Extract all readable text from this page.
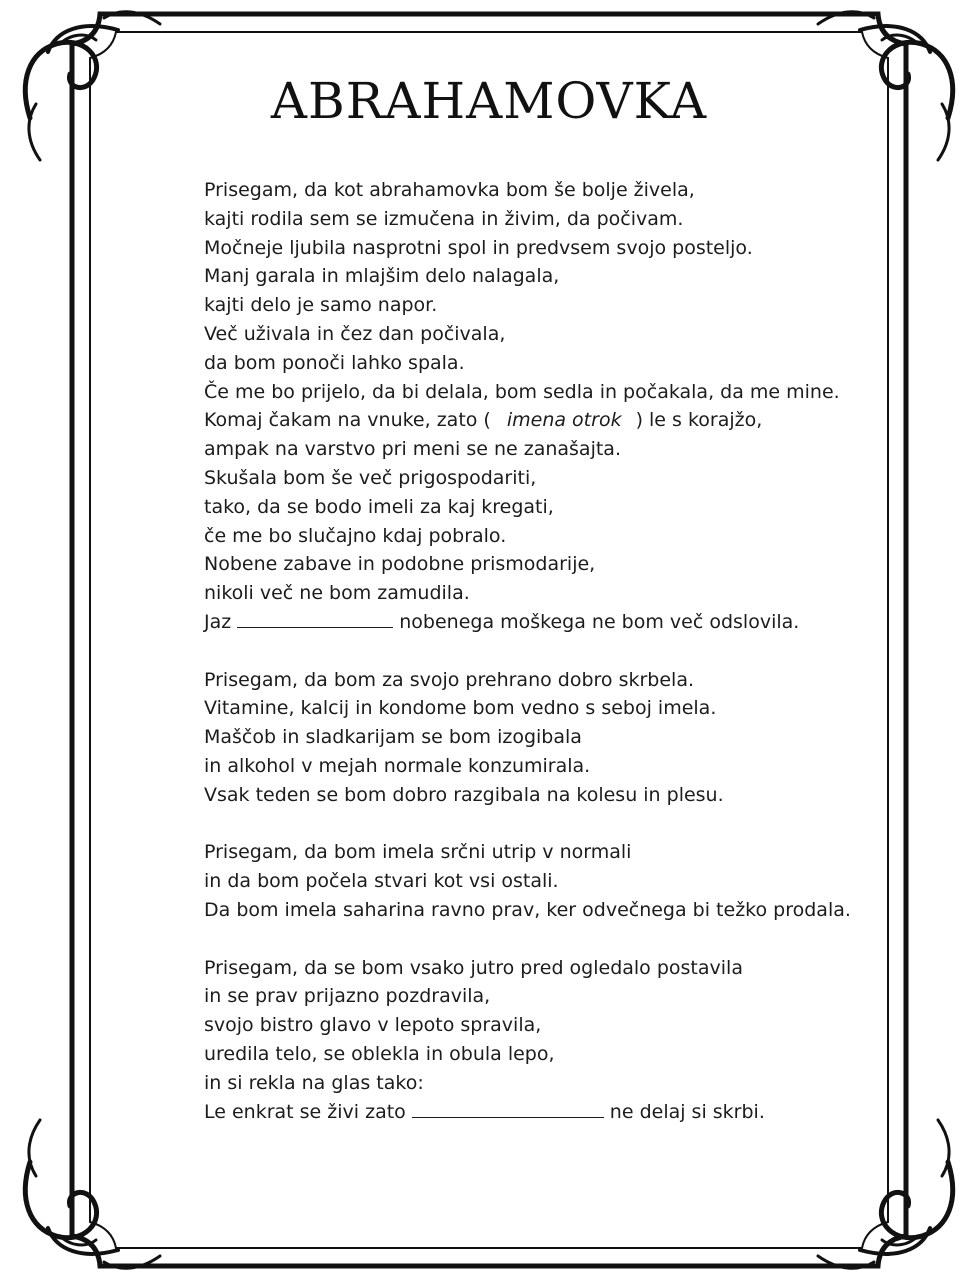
ABRAHAMOVKA
Prisegam, da kot abrahamovka bom še bolje živela,
kajti rodila sem se izmučena in živim, da počivam.
Močneje ljubila nasprotni spol in predvsem svojo posteljo.
Manj garala in mlajšim delo nalagala,
kajti delo je samo napor.
Več uživala in čez dan počivala,
da bom ponoči lahko spala.
Če me bo prijelo, da bi delala, bom sedla in počakala, da me mine.
Komaj čakam na vnuke, zato ( imena otrok ) le s korajžo,
ampak na varstvo pri meni se ne zanašajta.
Skušala bom še več prigospodariti,
tako, da se bodo imeli za kaj kregati,
če me bo slučajno kdaj pobralo.
Nobene zabave in podobne prismodarije,
nikoli več ne bom zamudila.
Jaz	nobenega moškega ne bom več odslovila.
Prisegam, da bom za svojo prehrano dobro skrbela.
Vitamine, kalcij in kondome bom vedno s seboj imela.
Maščob in sladkarijam se bom izogibala
in alkohol v mejah normale konzumirala.
Vsak teden se bom dobro razgibala na kolesu in plesu.
Prisegam, da bom imela srčni utrip v normali
in da bom počela stvari kot vsi ostali.
Da bom imela saharina ravno prav, ker odvečnega bi težko prodala.
Prisegam, da se bom vsako jutro pred ogledalo postavila
in se prav prijazno pozdravila,
svojo bistro glavo v lepoto spravila,
uredila telo, se oblekla in obula lepo,
in si rekla na glas tako:
Le enkrat se živi zato	ne delaj si skrbi.
